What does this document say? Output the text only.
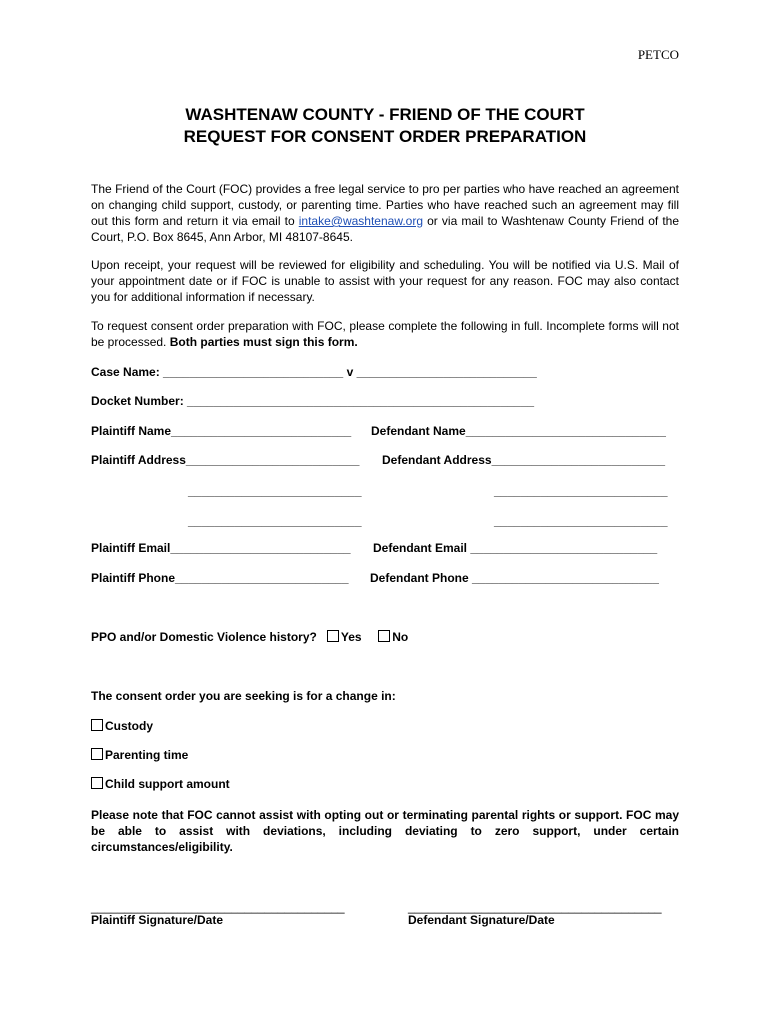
PETCO
WASHTENAW COUNTY - FRIEND OF THE COURT
REQUEST FOR CONSENT ORDER PREPARATION
The Friend of the Court (FOC) provides a free legal service to pro per parties who have reached an agreement on changing child support, custody, or parenting time. Parties who have reached such an agreement may fill out this form and return it via email to intake@washtenaw.org or via mail to Washtenaw County Friend of the Court, P.O. Box 8645, Ann Arbor, MI 48107-8645.
Upon receipt, your request will be reviewed for eligibility and scheduling. You will be notified via U.S. Mail of your appointment date or if FOC is unable to assist with your request for any reason. FOC may also contact you for additional information if necessary.
To request consent order preparation with FOC, please complete the following in full. Incomplete forms will not be processed. Both parties must sign this form.
Case Name: ___________________________ v ___________________________
Docket Number: ____________________________________________________
Plaintiff Name___________________________ Defendant Name______________________________
Plaintiff Address__________________________ Defendant Address__________________________
__________________________	__________________________
__________________________	__________________________
Plaintiff Email___________________________ Defendant Email ____________________________
Plaintiff Phone__________________________ Defendant Phone ____________________________
PPO and/or Domestic Violence history? Yes	No
The consent order you are seeking is for a change in:
Custody
Parenting time
Child support amount
Please note that FOC cannot assist with opting out or terminating parental rights or support. FOC may be able to assist with deviations, including deviating to zero support, under certain circumstances/eligibility.
______________________________________	______________________________________
Plaintiff Signature/Date	Defendant Signature/Date
